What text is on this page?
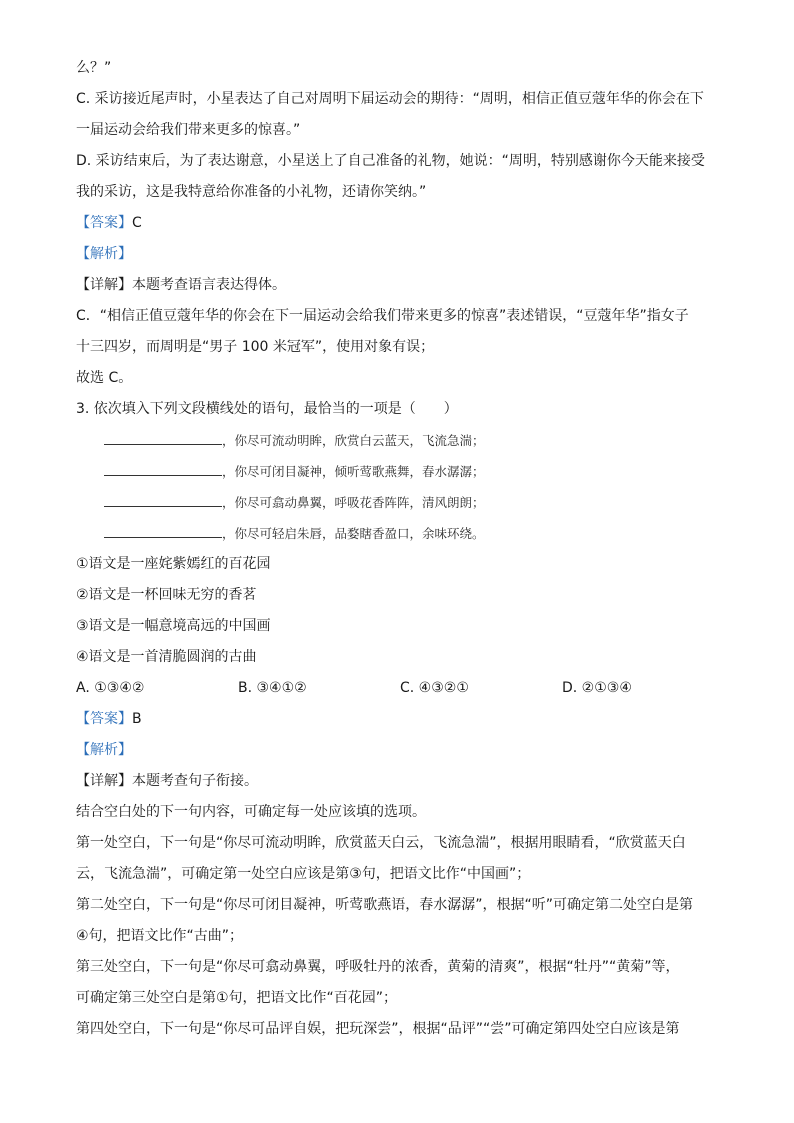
么？”
C. 采访接近尾声时，小星表达了自己对周明下届运动会的期待：“周明，相信正值豆蔻年华的你会在下
一届运动会给我们带来更多的惊喜。”
D. 采访结束后，为了表达谢意，小星送上了自己准备的礼物，她说：“周明，特别感谢你今天能来接受
我的采访，这是我特意给你准备的小礼物，还请你笑纳。”
【答案】C
【解析】
【详解】本题考查语言表达得体。
C．“相信正值豆蔻年华的你会在下一届运动会给我们带来更多的惊喜”表述错误，“豆蔻年华”指女子
十三四岁，而周明是“男子 100 米冠军”，使用对象有误；
故选 C。
3. 依次填入下列文段横线处的语句，最恰当的一项是（　　）
，你尽可流动明眸，欣赏白云蓝天，飞流急湍；
，你尽可闭目凝神，倾听莺歌燕舞，春水潺潺；
，你尽可翕动鼻翼，呼吸花香阵阵，清风朗朗；
，你尽可轻启朱唇，品婺瞎香盈口，余味环绕。
①语文是一座姹紫嫣红的百花园
②语文是一杯回味无穷的香茗
③语文是一幅意境高远的中国画
④语文是一首清脆圆润的古曲
A. ①③④②	B. ③④①②	C. ④③②①	D. ②①③④
【答案】B
【解析】
【详解】本题考查句子衔接。
结合空白处的下一句内容，可确定每一处应该填的选项。
第一处空白，下一句是“你尽可流动明眸，欣赏蓝天白云，飞流急湍”，根据用眼睛看，“欣赏蓝天白
云，飞流急湍”，可确定第一处空白应该是第③句，把语文比作“中国画”；
第二处空白，下一句是“你尽可闭目凝神，听莺歌燕语，春水潺潺”，根据“听”可确定第二处空白是第
④句，把语文比作“古曲”；
第三处空白，下一句是“你尽可翕动鼻翼，呼吸牡丹的浓香，黄菊的清爽”，根据“牡丹”“黄菊”等，
可确定第三处空白是第①句，把语文比作“百花园”；
第四处空白，下一句是“你尽可品评自娱，把玩深尝”，根据“品评”“尝”可确定第四处空白应该是第
